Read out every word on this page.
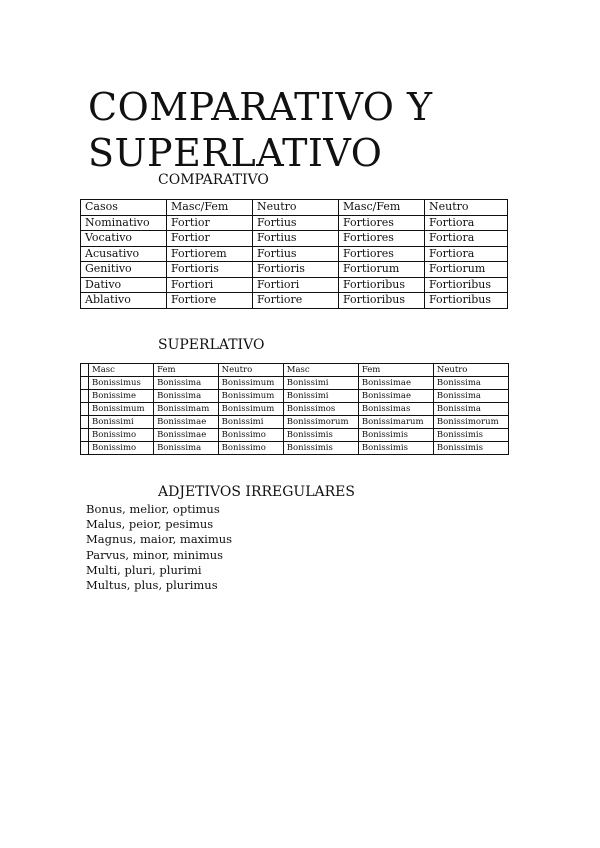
COMPARATIVO Y SUPERLATIVO
COMPARATIVO
Casos	Masc/Fem	Neutro	Masc/Fem	Neutro
Nominativo	Fortior	Fortius	Fortiores	Fortiora
Vocativo	Fortior	Fortius	Fortiores	Fortiora
Acusativo	Fortiorem	Fortius	Fortiores	Fortiora
Genitivo	Fortioris	Fortioris	Fortiorum	Fortiorum
Dativo	Fortiori	Fortiori	Fortioribus	Fortioribus
Ablativo	Fortiore	Fortiore	Fortioribus	Fortioribus
SUPERLATIVO
	Masc	Fem	Neutro	Masc	Fem	Neutro
	Bonissimus	Bonissima	Bonissimum	Bonissimi	Bonissimae	Bonissima
	Bonissime	Bonissima	Bonissimum	Bonissimi	Bonissimae	Bonissima
	Bonissimum	Bonissimam	Bonissimum	Bonissimos	Bonissimas	Bonissima
	Bonissimi	Bonissimae	Bonissimi	Bonissimorum	Bonissimarum	Bonissimorum
	Bonissimo	Bonissimae	Bonissimo	Bonissimis	Bonissimis	Bonissimis
	Bonissimo	Bonissima	Bonissimo	Bonissimis	Bonissimis	Bonissimis
ADJETIVOS IRREGULARES
Bonus, melior, optimus
Malus, peior, pesimus
Magnus, maior, maximus
Parvus, minor, minimus
Multi, pluri, plurimi
Multus, plus, plurimus
